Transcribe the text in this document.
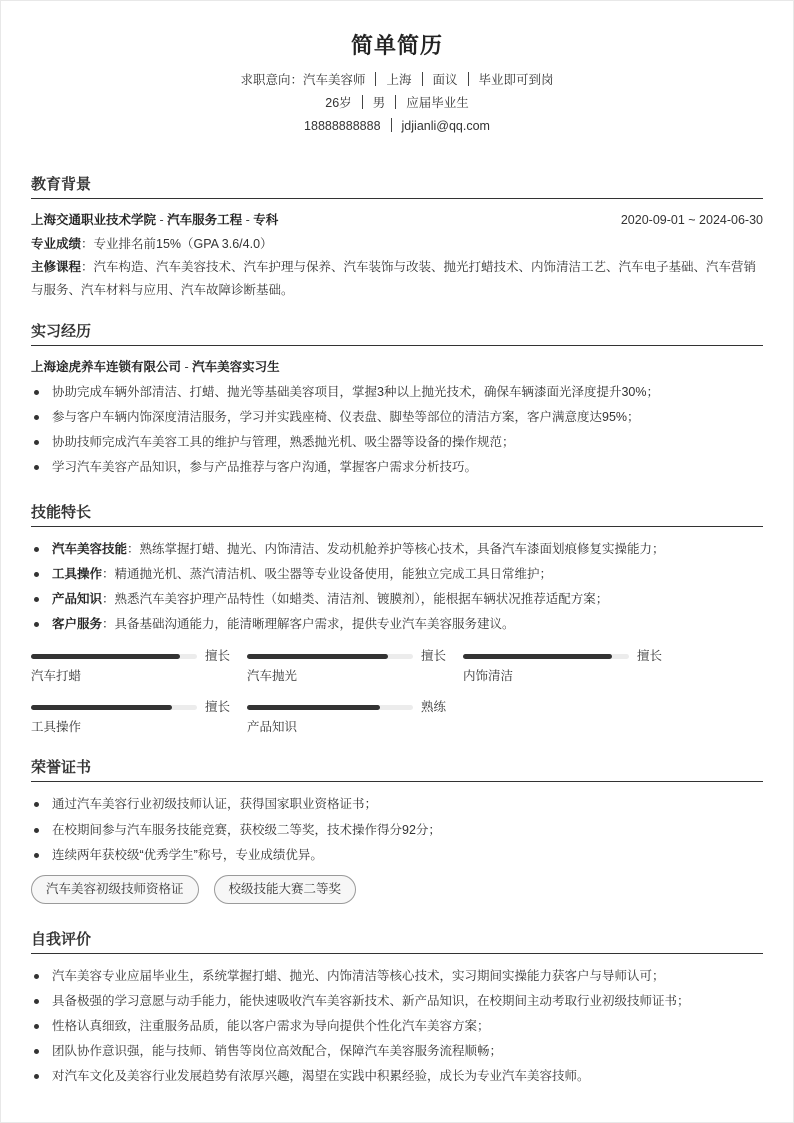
简单简历
求职意向：汽车美容师 上海 面议 毕业即可到岗
26岁 男 应届毕业生
18888888888 jdjianli@qq.com
教育背景
上海交通职业技术学院 - 汽车服务工程 - 专科	2020-09-01 ~ 2024-06-30
专业成绩：专业排名前15%（GPA 3.6/4.0）
主修课程：汽车构造、汽车美容技术、汽车护理与保养、汽车装饰与改装、抛光打蜡技术、内饰清洁工艺、汽车电子基础、汽车营销与服务、汽车材料与应用、汽车故障诊断基础。
实习经历
上海途虎养车连锁有限公司 - 汽车美容实习生
协助完成车辆外部清洁、打蜡、抛光等基础美容项目，掌握3种以上抛光技术，确保车辆漆面光泽度提升30%；
参与客户车辆内饰深度清洁服务，学习并实践座椅、仪表盘、脚垫等部位的清洁方案，客户满意度达95%；
协助技师完成汽车美容工具的维护与管理，熟悉抛光机、吸尘器等设备的操作规范；
学习汽车美容产品知识，参与产品推荐与客户沟通，掌握客户需求分析技巧。
技能特长
汽车美容技能：熟练掌握打蜡、抛光、内饰清洁、发动机舱养护等核心技术，具备汽车漆面划痕修复实操能力；
工具操作：精通抛光机、蒸汽清洁机、吸尘器等专业设备使用，能独立完成工具日常维护；
产品知识：熟悉汽车美容护理产品特性（如蜡类、清洁剂、镀膜剂），能根据车辆状况推荐适配方案；
客户服务：具备基础沟通能力，能清晰理解客户需求，提供专业汽车美容服务建议。
擅长
汽车打蜡
擅长
汽车抛光
擅长
内饰清洁
擅长
工具操作
熟练
产品知识
荣誉证书
通过汽车美容行业初级技师认证，获得国家职业资格证书；
在校期间参与汽车服务技能竞赛，获校级二等奖，技术操作得分92分；
连续两年获校级“优秀学生”称号，专业成绩优异。
汽车美容初级技师资格证	校级技能大赛二等奖
自我评价
汽车美容专业应届毕业生，系统掌握打蜡、抛光、内饰清洁等核心技术，实习期间实操能力获客户与导师认可；
具备极强的学习意愿与动手能力，能快速吸收汽车美容新技术、新产品知识，在校期间主动考取行业初级技师证书；
性格认真细致，注重服务品质，能以客户需求为导向提供个性化汽车美容方案；
团队协作意识强，能与技师、销售等岗位高效配合，保障汽车美容服务流程顺畅；
对汽车文化及美容行业发展趋势有浓厚兴趣，渴望在实践中积累经验，成长为专业汽车美容技师。
